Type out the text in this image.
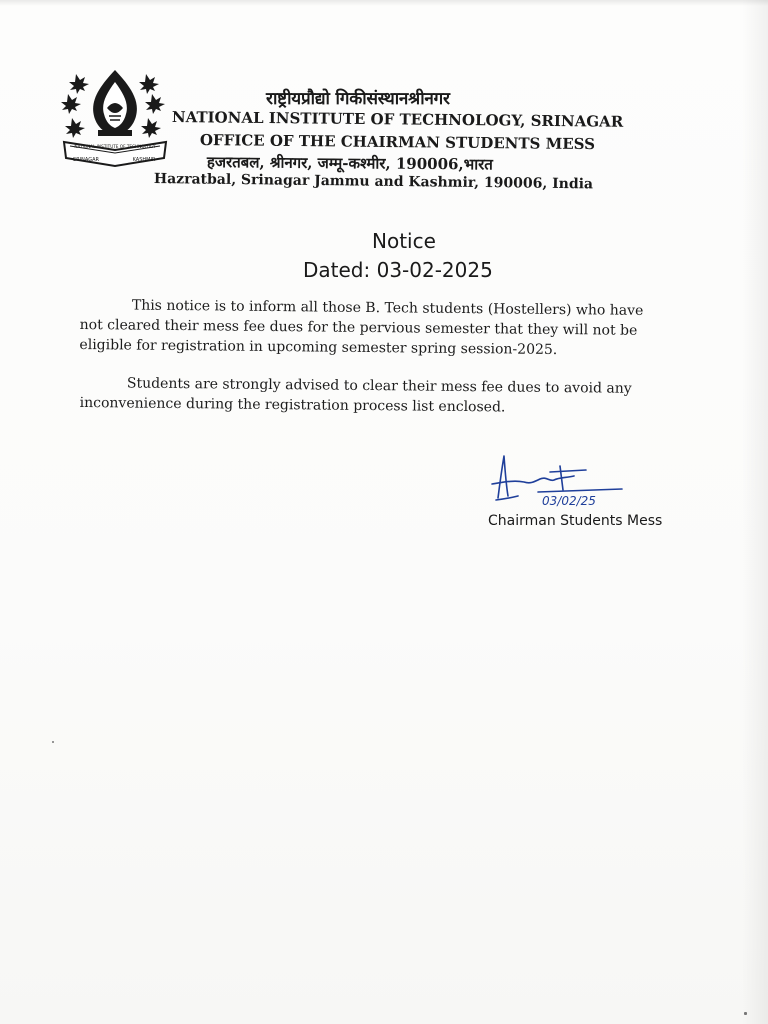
NATIONAL INSTITUTE OF TECHNOLOGY
SRINAGAR	KASHMIR
राष्ट्रीयप्रौद्यो गिकीसंस्थानश्रीनगर
NATIONAL INSTITUTE OF TECHNOLOGY, SRINAGAR
OFFICE OF THE CHAIRMAN STUDENTS MESS
हजरतबल, श्रीनगर, जम्मू-कश्मीर, 190006,भारत
Hazratbal, Srinagar Jammu and Kashmir, 190006, India
Notice
Dated: 03-02-2025
This notice is to inform all those B. Tech students (Hostellers) who have
not cleared their mess fee dues for the pervious semester that they will not be
eligible for registration in upcoming semester spring session-2025.
Students are strongly advised to clear their mess fee dues to avoid any
inconvenience during the registration process list enclosed.
03/02/25
Chairman Students Mess
